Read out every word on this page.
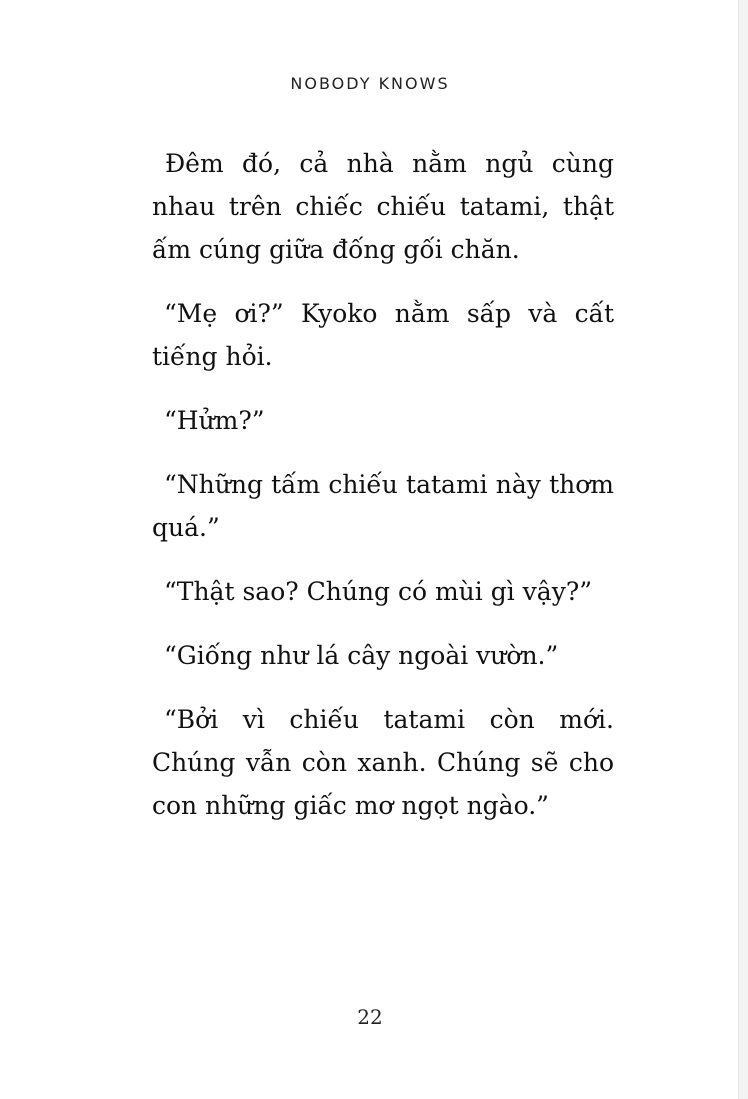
NOBODY KNOWS

Đêm đó, cả nhà nằm ngủ cùng nhau trên chiếc chiếu tatami, thật ấm cúng giữa đống gối chăn.

“Mẹ ơi?” Kyoko nằm sấp và cất tiếng hỏi.

“Hửm?”

“Những tấm chiếu tatami này thơm quá.”

“Thật sao? Chúng có mùi gì vậy?”

“Giống như lá cây ngoài vườn.”

“Bởi vì chiếu tatami còn mới. Chúng vẫn còn xanh. Chúng sẽ cho con những giấc mơ ngọt ngào.”

22
